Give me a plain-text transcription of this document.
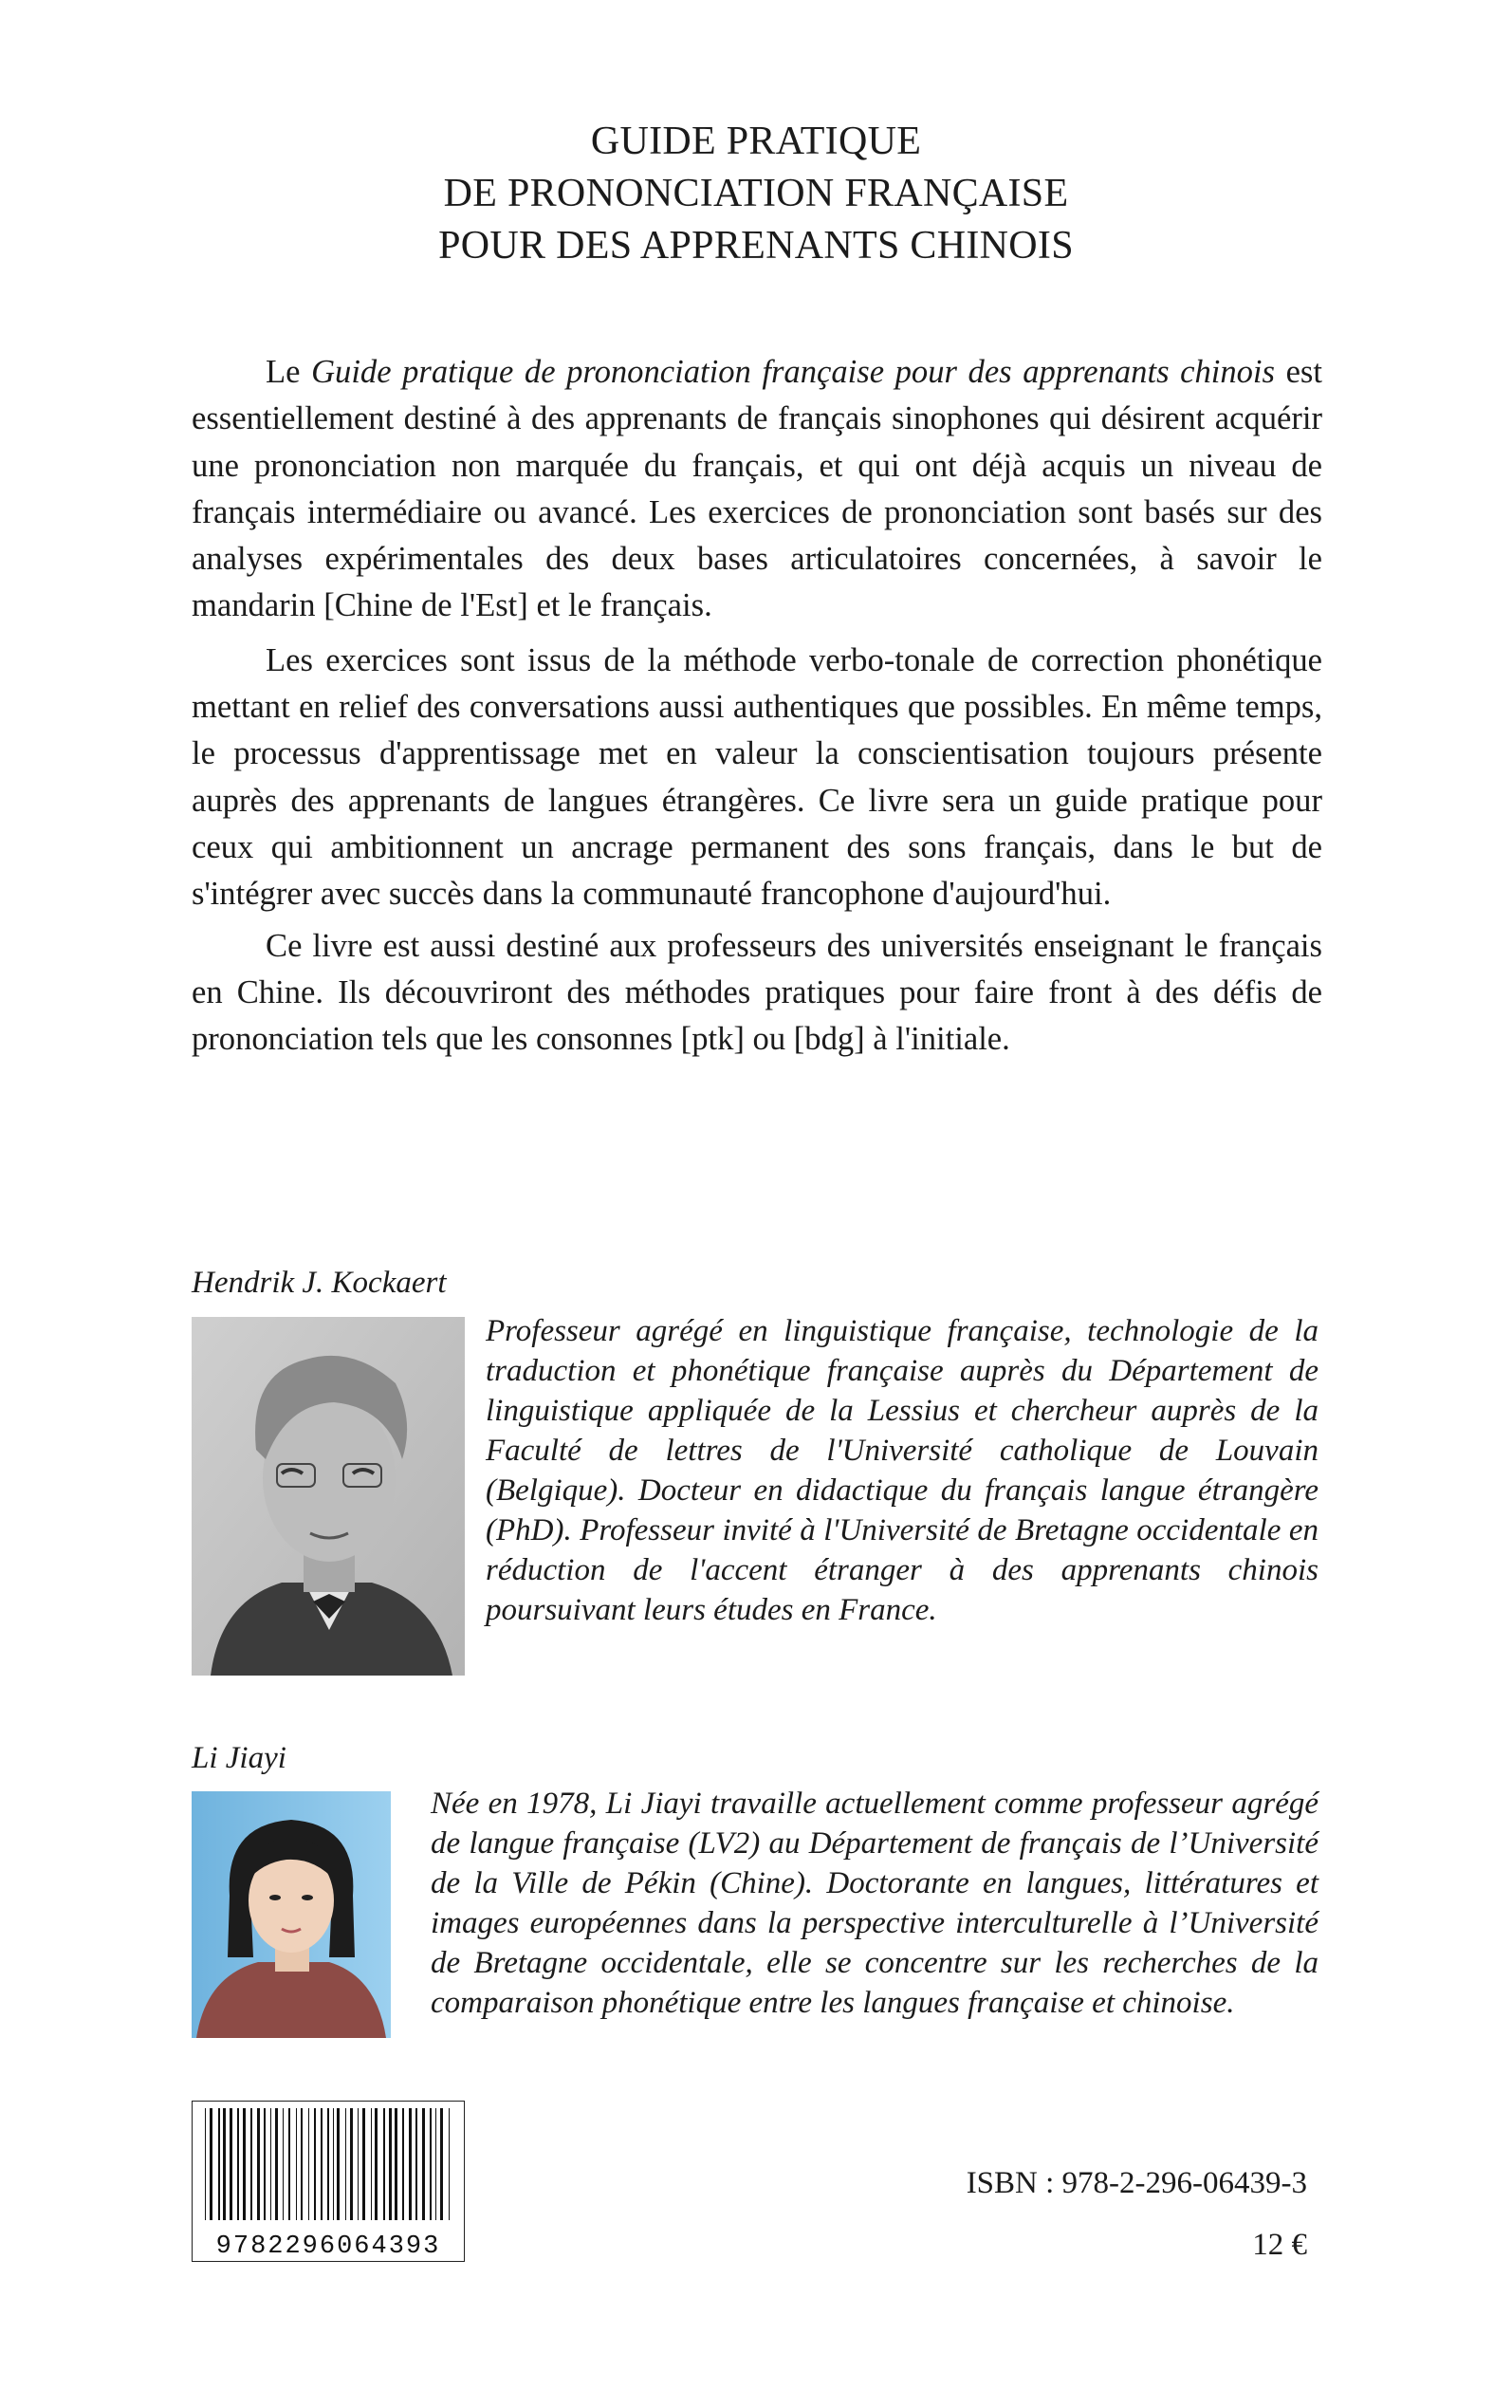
GUIDE PRATIQUE
DE PRONONCIATION FRANÇAISE
POUR DES APPRENANTS CHINOIS

Le Guide pratique de prononciation française pour des apprenants chinois est essentiellement destiné à des apprenants de français sinophones qui désirent acquérir une prononciation non marquée du français, et qui ont déjà acquis un niveau de français intermédiaire ou avancé. Les exercices de prononciation sont basés sur des analyses expérimentales des deux bases articulatoires concernées, à savoir le mandarin [Chine de l'Est] et le français.

Les exercices sont issus de la méthode verbo-tonale de correction phonétique mettant en relief des conversations aussi authentiques que possibles. En même temps, le processus d'apprentissage met en valeur la conscientisation toujours présente auprès des apprenants de langues étrangères. Ce livre sera un guide pratique pour ceux qui ambitionnent un ancrage permanent des sons français, dans le but de s'intégrer avec succès dans la communauté francophone d'aujourd'hui.

Ce livre est aussi destiné aux professeurs des universités enseignant le français en Chine. Ils découvriront des méthodes pratiques pour faire front à des défis de prononciation tels que les consonnes [ptk] ou [bdg] à l'initiale.

Hendrik J. Kockaert
Professeur agrégé en linguistique française, technologie de la traduction et phonétique française auprès du Département de linguistique appliquée de la Lessius et chercheur auprès de la Faculté de lettres de l'Université catholique de Louvain (Belgique). Docteur en didactique du français langue étrangère (PhD). Professeur invité à l'Université de Bretagne occidentale en réduction de l'accent étranger à des apprenants chinois poursuivant leurs études en France.
Li Jiayi
Née en 1978, Li Jiayi travaille actuellement comme professeur agrégé de langue française (LV2) au Département de français de l’Université de la Ville de Pékin (Chine). Doctorante en langues, littératures et images européennes dans la perspective interculturelle à l’Université de Bretagne occidentale, elle se concentre sur les recherches de la comparaison phonétique entre les langues française et chinoise.
9782296064393
ISBN : 978-2-296-06439-3
12 €
